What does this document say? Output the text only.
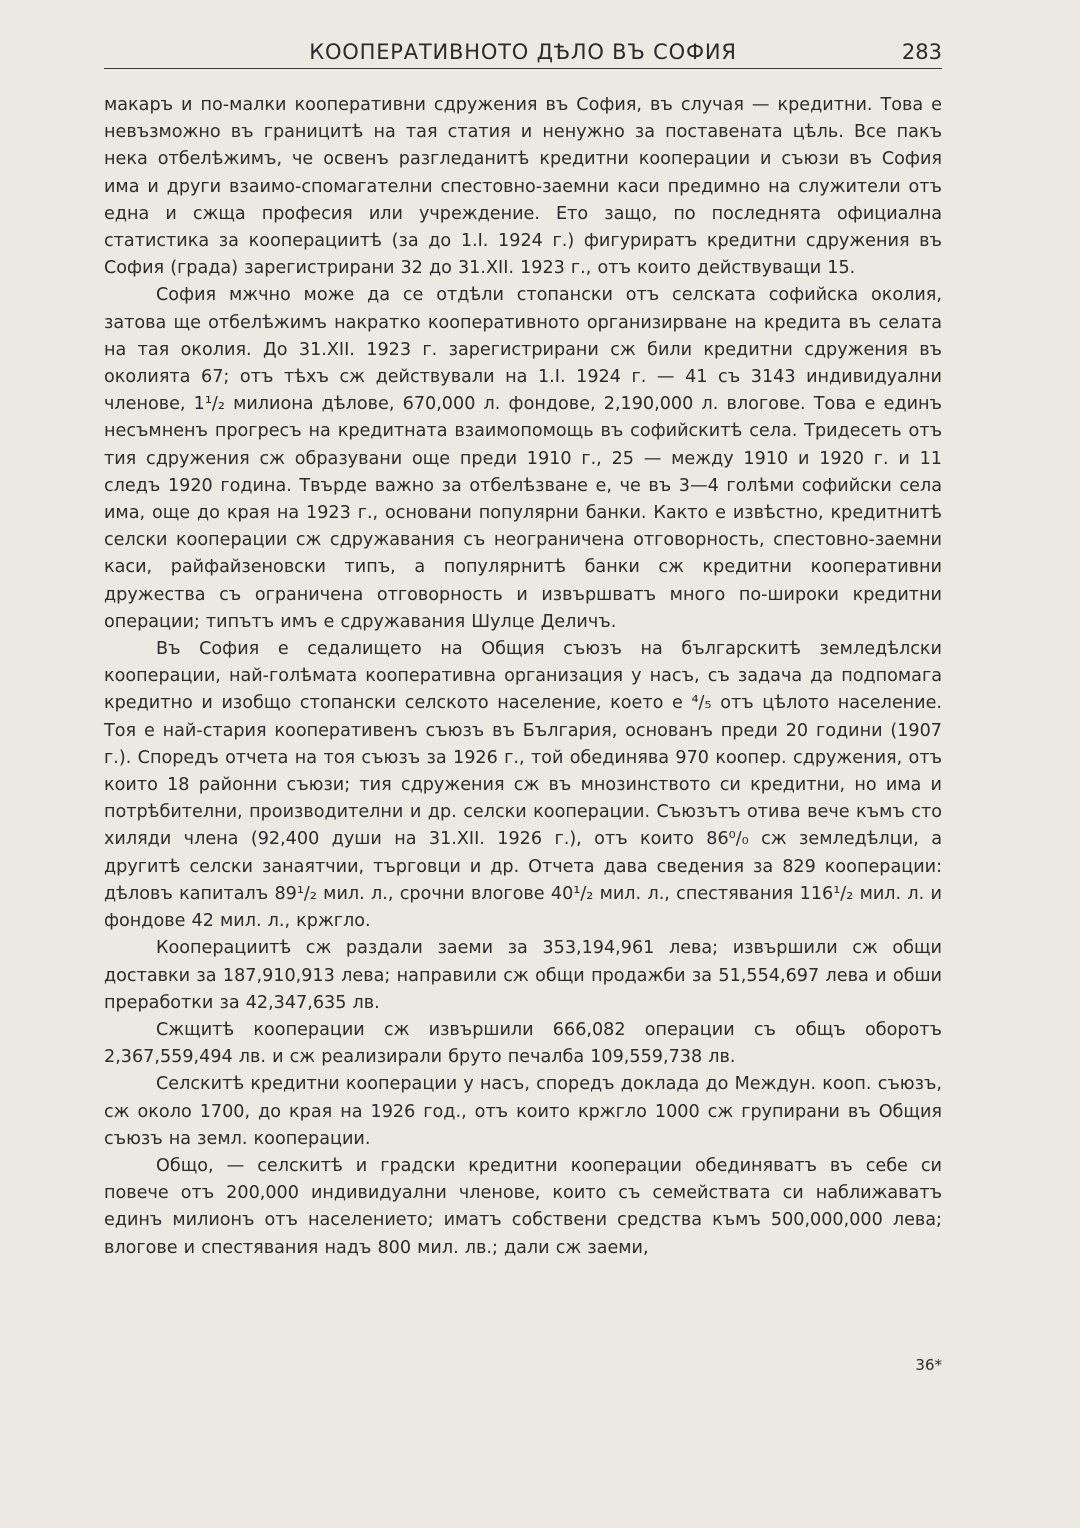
КООПЕРАТИВНОТО ДѢЛО ВЪ СОФИЯ	283

макаръ и по-малки кооперативни сдружения въ София, въ случая — кредитни. Това е невъзможно въ границитѣ на тая статия и ненужно за поставената цѣль. Все пакъ нека отбелѣжимъ, че освенъ разгледанитѣ кредитни кооперации и съюзи въ София има и други взаимо-спомагателни спестовно-заемни каси предимно на служители отъ една и сжща професия или учреждение. Ето защо, по последнята официална статистика за кооперациитѣ (за до 1.I. 1924 г.) фигуриратъ кредитни сдружения въ София (града) зарегистрирани 32 до 31.XII. 1923 г., отъ които действуващи 15.

София мжчно може да се отдѣли стопански отъ селската софийска околия, затова ще отбелѣжимъ накратко кооперативното организирване на кредита въ селата на тая околия. До 31.XII. 1923 г. зарегистрирани сж били кредитни сдружения въ околията 67; отъ тѣхъ сж действували на 1.I. 1924 г. — 41 съ 3143 индивидуални членове, 1¹/₂ милиона дѣлове, 670,000 л. фондове, 2,190,000 л. влогове. Това е единъ несъмненъ прогресъ на кредитната взаимопомощь въ софийскитѣ села. Тридесеть отъ тия сдружения сж образувани още преди 1910 г., 25 — между 1910 и 1920 г. и 11 следъ 1920 година. Твърде важно за отбелѣзване е, че въ 3—4 голѣми софийски села има, още до края на 1923 г., основани популярни банки. Както е извѣстно, кредитнитѣ селски кооперации сж сдружавания съ неограничена отговорность, спестовно-заемни каси, райфайзеновски типъ, а популярнитѣ банки сж кредитни кооперативни дружества съ ограничена отговорность и извършватъ много по-широки кредитни операции; типътъ имъ е сдружавания Шулце Деличъ.

Въ София е седалището на Общия съюзъ на българскитѣ земледѣлски кооперации, най-голѣмата кооперативна организация у насъ, съ задача да подпомага кредитно и изобщо стопански селското население, което е ⁴/₅ отъ цѣлото население. Тоя е най-стария кооперативенъ съюзъ въ България, основанъ преди 20 години (1907 г.). Споредъ отчета на тоя съюзъ за 1926 г., той обединява 970 коопер. сдружения, отъ които 18 районни съюзи; тия сдружения сж въ мнозинството си кредитни, но има и потрѣбителни, производителни и др. селски кооперации. Съюзътъ отива вече къмъ сто хиляди члена (92,400 души на 31.XII. 1926 г.), отъ които 86⁰/₀ сж земледѣлци, а другитѣ селски занаятчии, търговци и др. Отчета дава сведения за 829 кооперации: дѣловъ капиталъ 89¹/₂ мил. л., срочни влогове 40¹/₂ мил. л., спестявания 116¹/₂ мил. л. и фондове 42 мил. л., кржгло.

Кооперациитѣ сж раздали заеми за 353,194,961 лева; извършили сж общи доставки за 187,910,913 лева; направили сж общи продажби за 51,554,697 лева и обши преработки за 42,347,635 лв.

Сжщитѣ кооперации сж извършили 666,082 операции съ общъ оборотъ 2,367,559,494 лв. и сж реализирали бруто печалба 109,559,738 лв.

Селскитѣ кредитни кооперации у насъ, споредъ доклада до Междун. кооп. съюзъ, сж около 1700, до края на 1926 год., отъ които кржгло 1000 сж групирани въ Общия съюзъ на земл. кооперации.

Общо, — селскитѣ и градски кредитни кооперации обединяватъ въ себе си повече отъ 200,000 индивидуални членове, които съ семействата си наближаватъ единъ милионъ отъ населението; иматъ собствени средства къмъ 500,000,000 лева; влогове и спестявания надъ 800 мил. лв.; дали сж заеми,

36*
